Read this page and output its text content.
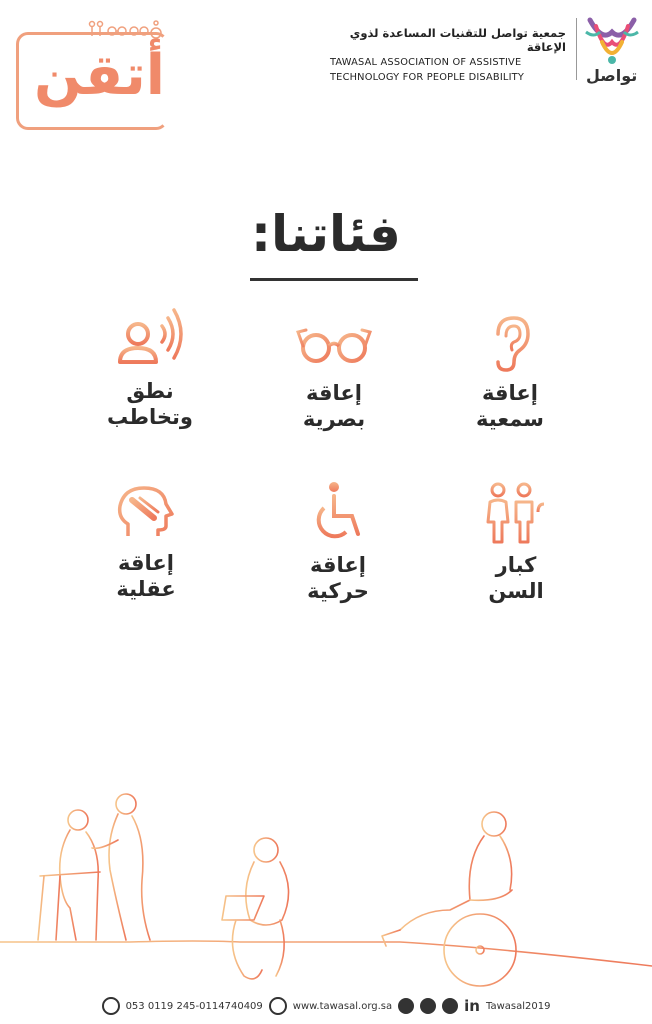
أتقن
جمعية تواصل للتقنيات المساعدة لذوي الإعاقة
TAWASAL ASSOCIATION OF ASSISTIVE
TECHNOLOGY FOR PEOPLE DISABILITY	تواصل
فئاتنا:
إعاقة
سمعية
إعاقة
بصرية
نطق
وتخاطب
كبار
السن
إعاقة
حركية
إعاقة
عقلية
053 0119 245-0114740409	www.tawasal.org.sa	in Tawasal2019
